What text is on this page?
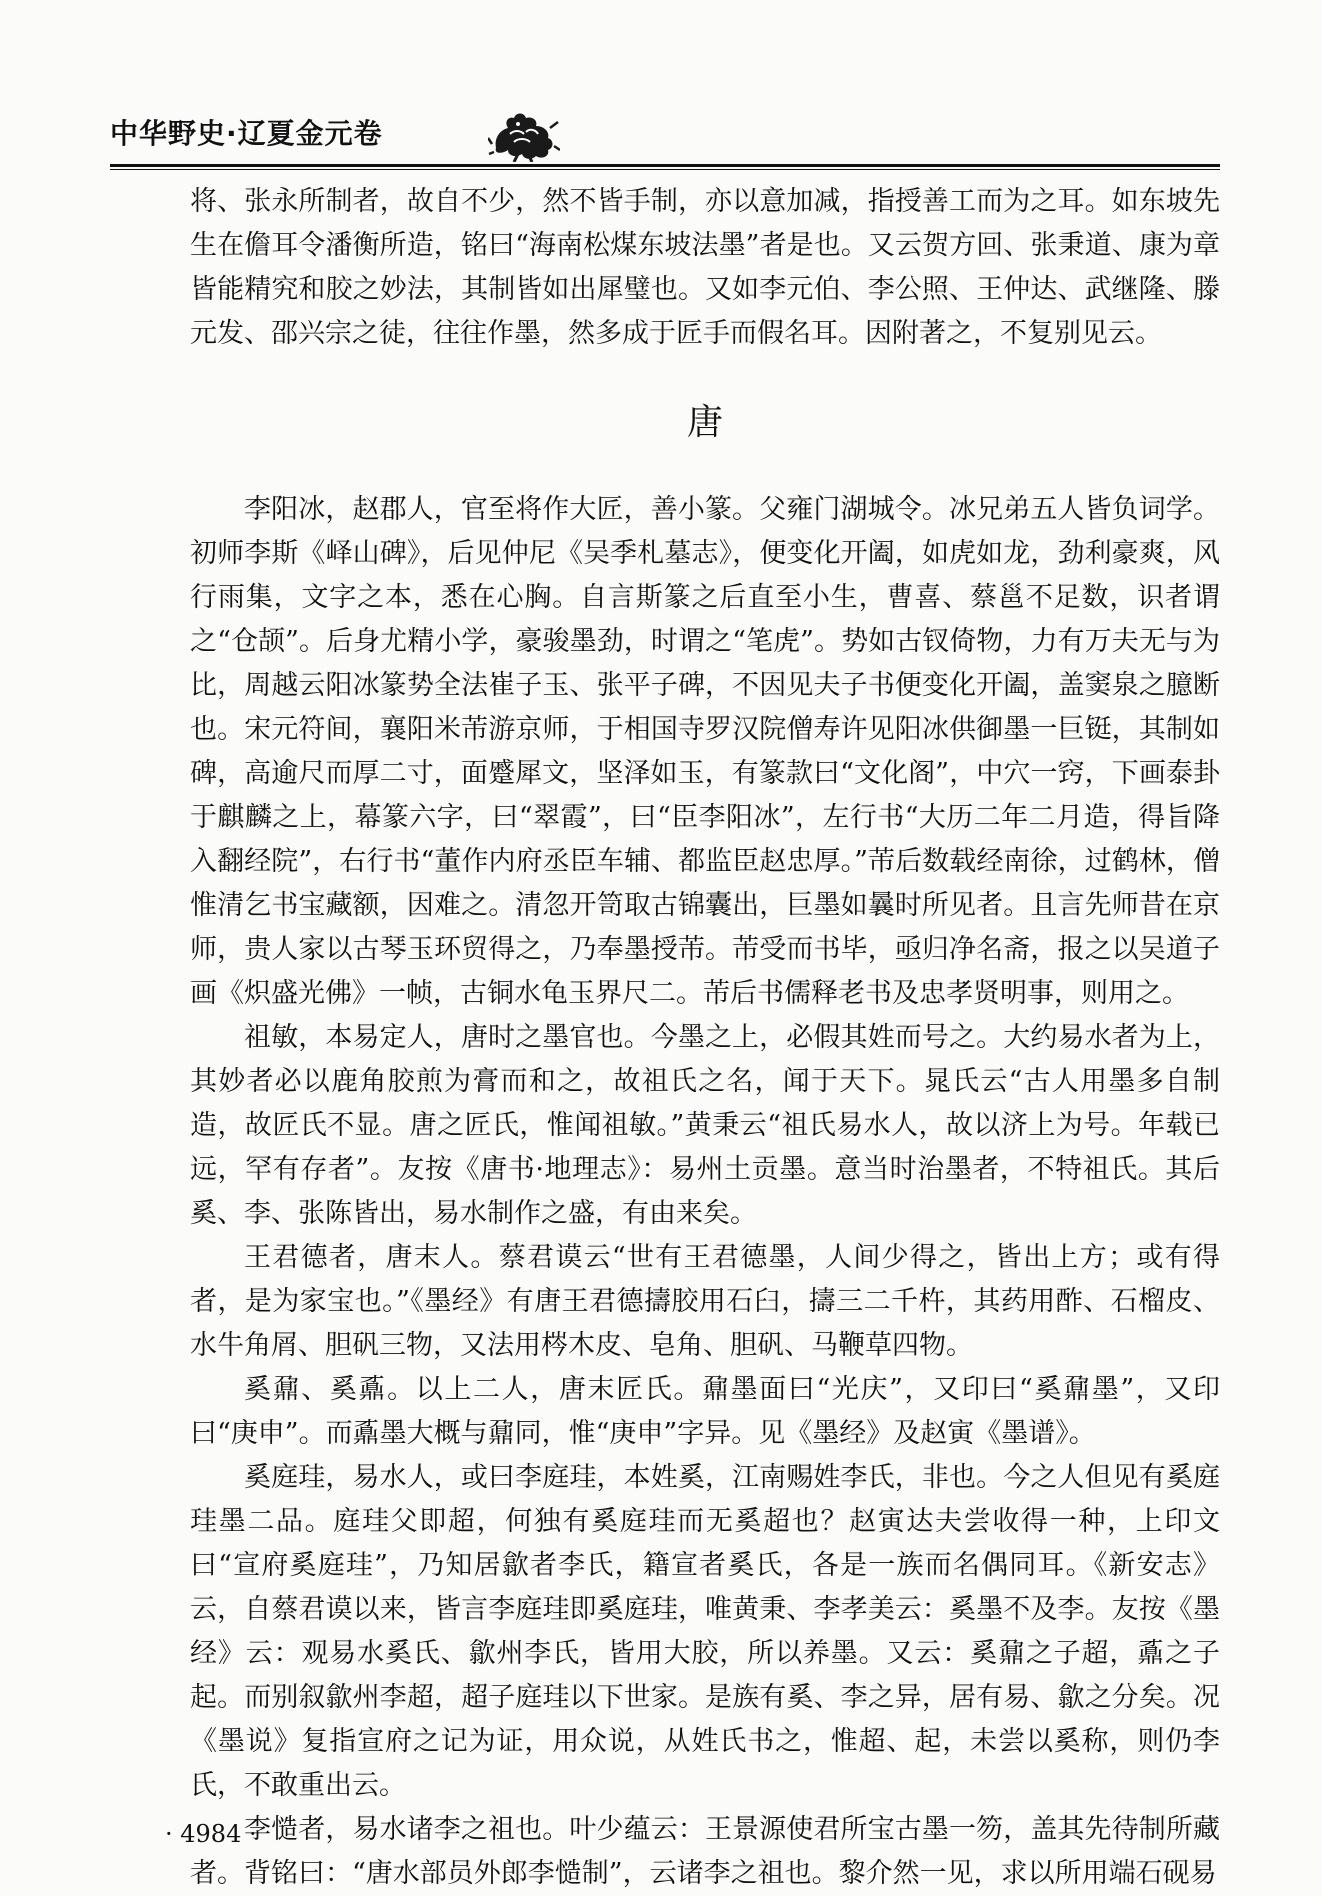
中华野史·辽夏金元卷

将、张永所制者，故自不少，然不皆手制，亦以意加减，指授善工而为之耳。如东坡先生在儋耳令潘衡所造，铭曰“海南松煤东坡法墨”者是也。又云贺方回、张秉道、康为章皆能精究和胶之妙法，其制皆如出犀璧也。又如李元伯、李公照、王仲达、武继隆、滕元发、邵兴宗之徒，往往作墨，然多成于匠手而假名耳。因附著之，不复别见云。

唐

李阳冰，赵郡人，官至将作大匠，善小篆。父雍门湖城令。冰兄弟五人皆负词学。初师李斯《峄山碑》，后见仲尼《吴季札墓志》，便变化开阖，如虎如龙，劲利豪爽，风行雨集，文字之本，悉在心胸。自言斯篆之后直至小生，曹喜、蔡邕不足数，识者谓之“仓颉”。后身尤精小学，豪骏墨劲，时谓之“笔虎”。势如古钗倚物，力有万夫无与为比，周越云阳冰篆势全法崔子玉、张平子碑，不因见夫子书便变化开阖，盖窦泉之臆断也。宋元符间，襄阳米芾游京师，于相国寺罗汉院僧寿许见阳冰供御墨一巨铤，其制如碑，高逾尺而厚二寸，面蹙犀文，坚泽如玉，有篆款曰“文化阁”，中穴一窍，下画泰卦于麒麟之上，幕篆六字，曰“翠霞”，曰“臣李阳冰”，左行书“大历二年二月造，得旨降入翻经院”，右行书“董作内府丞臣车辅、都监臣赵忠厚。”芾后数载经南徐，过鹤林，僧惟清乞书宝藏额，因难之。清忽开笥取古锦囊出，巨墨如曩时所见者。且言先师昔在京师，贵人家以古琴玉环贸得之，乃奉墨授芾。芾受而书毕，亟归净名斋，报之以吴道子画《炽盛光佛》一帧，古铜水龟玉界尺二。芾后书儒释老书及忠孝贤明事，则用之。

祖敏，本易定人，唐时之墨官也。今墨之上，必假其姓而号之。大约易水者为上，其妙者必以鹿角胶煎为膏而和之，故祖氏之名，闻于天下。晁氏云“古人用墨多自制造，故匠氏不显。唐之匠氏，惟闻祖敏。”黄秉云“祖氏易水人，故以济上为号。年载已远，罕有存者”。友按《唐书·地理志》：易州土贡墨。意当时治墨者，不特祖氏。其后奚、李、张陈皆出，易水制作之盛，有由来矣。

王君德者，唐末人。蔡君谟云“世有王君德墨，人间少得之，皆出上方；或有得者，是为家宝也。”《墨经》有唐王君德擣胶用石臼，擣三二千杵，其药用酢、石榴皮、水牛角屑、胆矾三物，又法用梣木皮、皂角、胆矾、马鞭草四物。

奚鼐、奚鼒。以上二人，唐末匠氏。鼐墨面曰“光庆”，又印曰“奚鼐墨”，又印曰“庚申”。而鼒墨大概与鼐同，惟“庚申”字异。见《墨经》及赵寅《墨谱》。

奚庭珪，易水人，或曰李庭珪，本姓奚，江南赐姓李氏，非也。今之人但见有奚庭珪墨二品。庭珪父即超，何独有奚庭珪而无奚超也？赵寅达夫尝收得一种，上印文曰“宣府奚庭珪”，乃知居歙者李氏，籍宣者奚氏，各是一族而名偶同耳。《新安志》云，自蔡君谟以来，皆言李庭珪即奚庭珪，唯黄秉、李孝美云：奚墨不及李。友按《墨经》云：观易水奚氏、歙州李氏，皆用大胶，所以养墨。又云：奚鼐之子超，鼒之子起。而别叙歙州李超，超子庭珪以下世家。是族有奚、李之异，居有易、歙之分矣。况《墨说》复指宣府之记为证，用众说，从姓氏书之，惟超、起，未尝以奚称，则仍李氏，不敢重出云。

李慥者，易水诸李之祖也。叶少蕴云：王景源使君所宝古墨一笏，盖其先待制所藏者。背铭曰：“唐水部员外郎李慥制”，云诸李之祖也。黎介然一见，求以所用端石砚易

· 4984 ·
